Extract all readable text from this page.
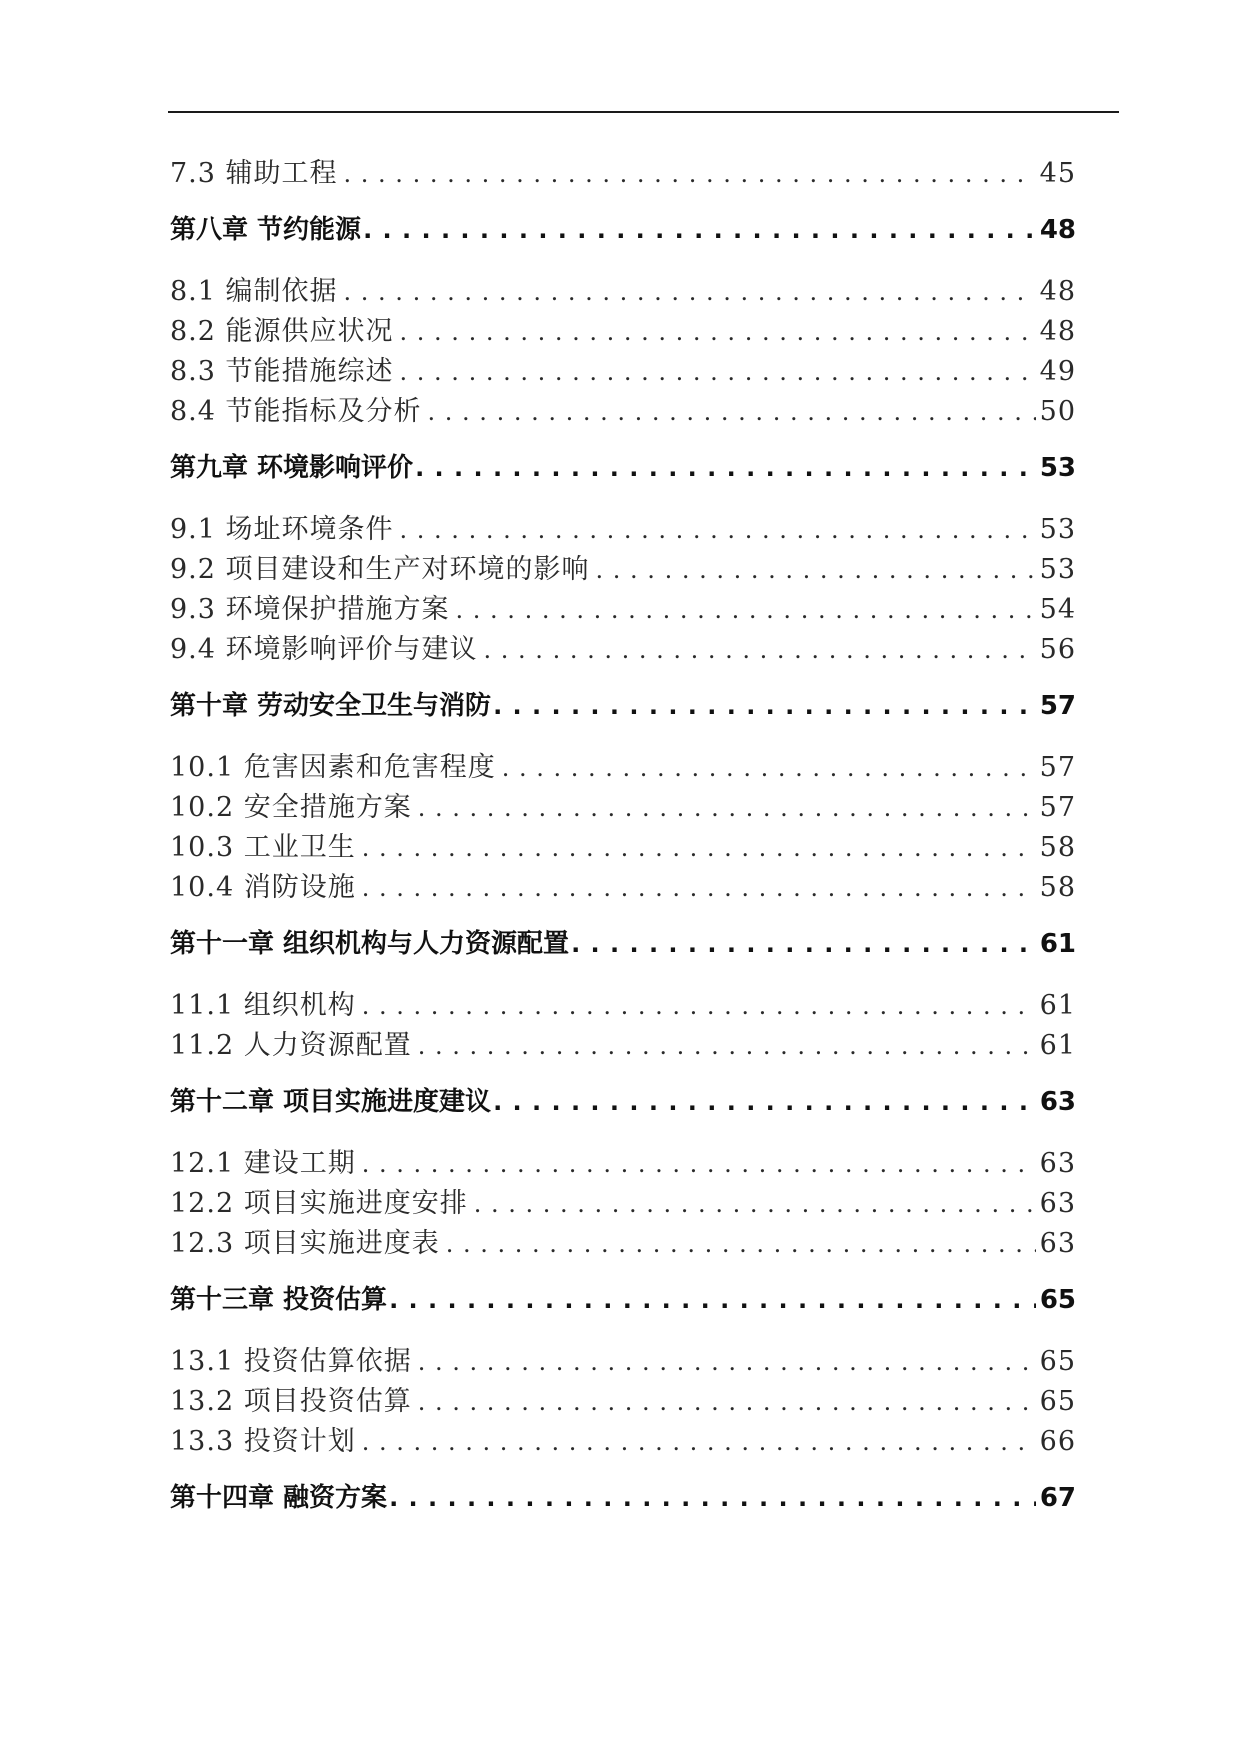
7.3 辅助工程 . . .	45
第八章 节约能源 . . .	48
8.1 编制依据 . . .	48
8.2 能源供应状况 . . .	48
8.3 节能措施综述 . . .	49
8.4 节能指标及分析 . . .	50
第九章 环境影响评价 . . .	53
9.1 场址环境条件 . . .	53
9.2 项目建设和生产对环境的影响 . . .	53
9.3 环境保护措施方案 . . .	54
9.4 环境影响评价与建议 . . .	56
第十章 劳动安全卫生与消防 . . .	57
10.1 危害因素和危害程度 . . .	57
10.2 安全措施方案 . . .	57
10.3 工业卫生 . . .	58
10.4 消防设施 . . .	58
第十一章 组织机构与人力资源配置 . . .	61
11.1 组织机构 . . .	61
11.2 人力资源配置 . . .	61
第十二章 项目实施进度建议 . . .	63
12.1 建设工期 . . .	63
12.2 项目实施进度安排 . . .	63
12.3 项目实施进度表 . . .	63
第十三章 投资估算 . . .	65
13.1 投资估算依据 . . .	65
13.2 项目投资估算 . . .	65
13.3 投资计划 . . .	66
第十四章 融资方案 . . .	67
